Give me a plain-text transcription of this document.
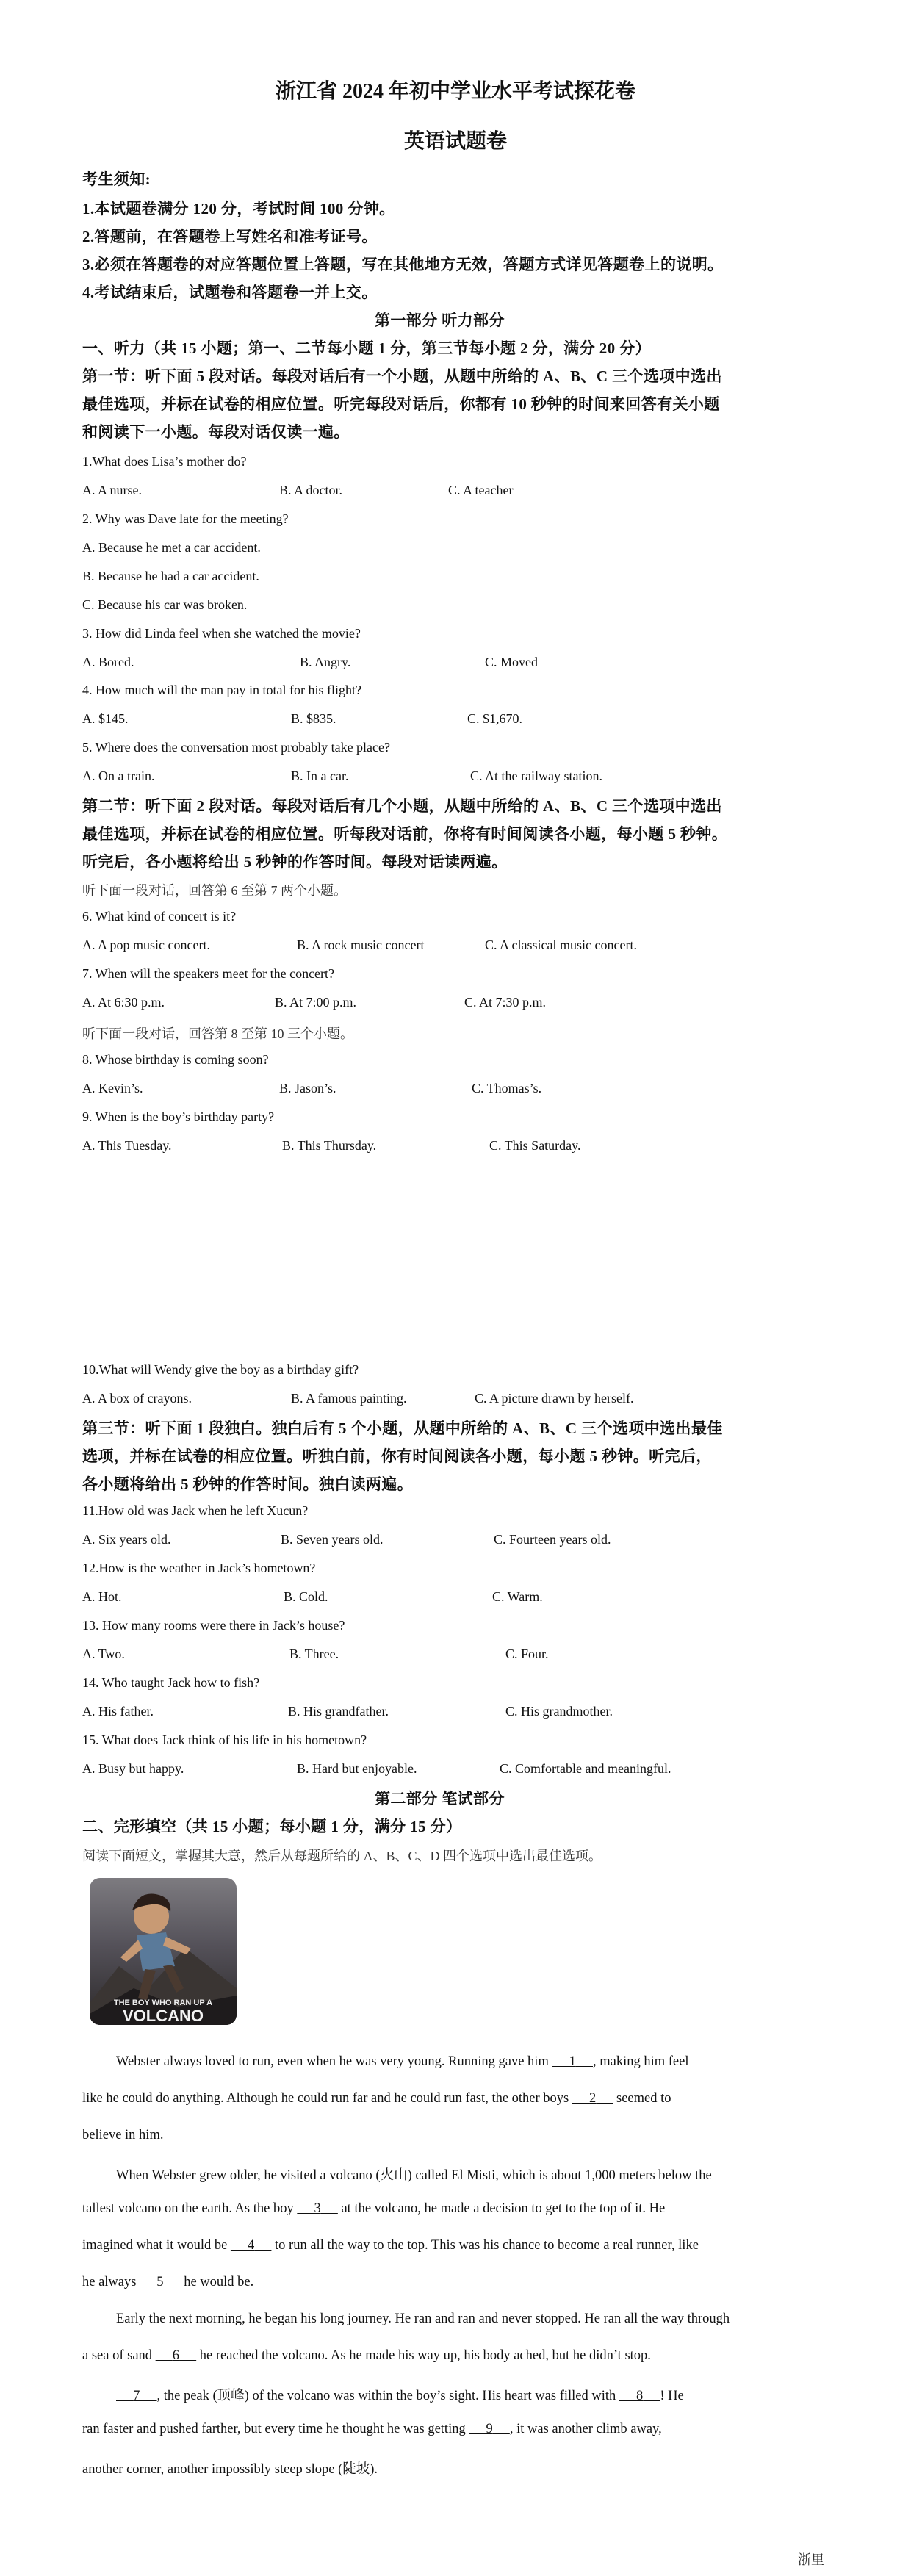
浙江省 2024 年初中学业水平考试探花卷
英语试题卷
考生须知:
1.本试题卷满分 120 分，考试时间 100 分钟。
2.答题前，在答题卷上写姓名和准考证号。
3.必须在答题卷的对应答题位置上答题，写在其他地方无效，答题方式详见答题卷上的说明。
4.考试结束后，试题卷和答题卷一并上交。
第一部分 听力部分
一、听力（共 15 小题；第一、二节每小题 1 分，第三节每小题 2 分，满分 20 分）
第一节：听下面 5 段对话。每段对话后有一个小题，从题中所给的 A、B、C 三个选项中选出
最佳选项，并标在试卷的相应位置。听完每段对话后，你都有 10 秒钟的时间来回答有关小题
和阅读下一小题。每段对话仅读一遍。
1.What does Lisa’s mother do?
A. A nurse.	B. A doctor.	C. A teacher
2. Why was Dave late for the meeting?
A. Because he met a car accident.
B. Because he had a car accident.
C. Because his car was broken.
3. How did Linda feel when she watched the movie?
A. Bored.	B. Angry.	C. Moved
4. How much will the man pay in total for his flight?
A. $145.	B. $835.	C. $1,670.
5. Where does the conversation most probably take place?
A. On a train.	B. In a car.	C. At the railway station.
第二节：听下面 2 段对话。每段对话后有几个小题，从题中所给的 A、B、C 三个选项中选出
最佳选项，并标在试卷的相应位置。听每段对话前，你将有时间阅读各小题，每小题 5 秒钟。
听完后，各小题将给出 5 秒钟的作答时间。每段对话读两遍。
听下面一段对话，回答第 6 至第 7 两个小题。
6. What kind of concert is it?
A. A pop music concert.	B. A rock music concert	C. A classical music concert.
7. When will the speakers meet for the concert?
A. At 6:30 p.m.	B. At 7:00 p.m.	C. At 7:30 p.m.
听下面一段对话，回答第 8 至第 10 三个小题。
8. Whose birthday is coming soon?
A. Kevin’s.	B. Jason’s.	C. Thomas’s.
9. When is the boy’s birthday party?
A. This Tuesday.	B. This Thursday.	C. This Saturday.
10.What will Wendy give the boy as a birthday gift?
A. A box of crayons.	B. A famous painting.	C. A picture drawn by herself.
第三节：听下面 1 段独白。独白后有 5 个小题，从题中所给的 A、B、C 三个选项中选出最佳
选项，并标在试卷的相应位置。听独白前，你有时间阅读各小题，每小题 5 秒钟。听完后，
各小题将给出 5 秒钟的作答时间。独白读两遍。
11.How old was Jack when he left Xucun?
A. Six years old.	B. Seven years old.	C. Fourteen years old.
12.How is the weather in Jack’s hometown?
A. Hot.	B. Cold.	C. Warm.
13. How many rooms were there in Jack’s house?
A. Two.	B. Three.	C. Four.
14. Who taught Jack how to fish?
A. His father.	B. His grandfather.	C. His grandmother.
15. What does Jack think of his life in his hometown?
A. Busy but happy.	B. Hard but enjoyable.	C. Comfortable and meaningful.
第二部分 笔试部分
二、完形填空（共 15 小题；每小题 1 分，满分 15 分）
阅读下面短文，掌握其大意，然后从每题所给的 A、B、C、D 四个选项中选出最佳选项。
THE BOY WHO RAN UP A
VOLCANO
Webster always loved to run, even when he was very young. Running gave him      1 , making him feel
like he could do anything. Although he could run far and he could run fast, the other boys      2      seemed to
believe in him.
When Webster grew older, he visited a volcano (火山) called El Misti, which is about 1,000 meters below the
tallest volcano on the earth. As the boy      3      at the volcano, he made a decision to get to the top of it. He
imagined what it would be      4      to run all the way to the top. This was his chance to become a real runner, like
he always      5      he would be.
Early the next morning, he began his long journey. He ran and ran and never stopped. He ran all the way through
a sea of sand      6      he reached the volcano. As he made his way up, his body ached, but he didn’t stop.
7 , the peak (顶峰) of the volcano was within the boy’s sight. His heart was filled with      8 ! He
ran faster and pushed farther, but every time he thought he was getting      9 , it was another climb away,
another corner, another impossibly steep slope (陡坡).
浙里
